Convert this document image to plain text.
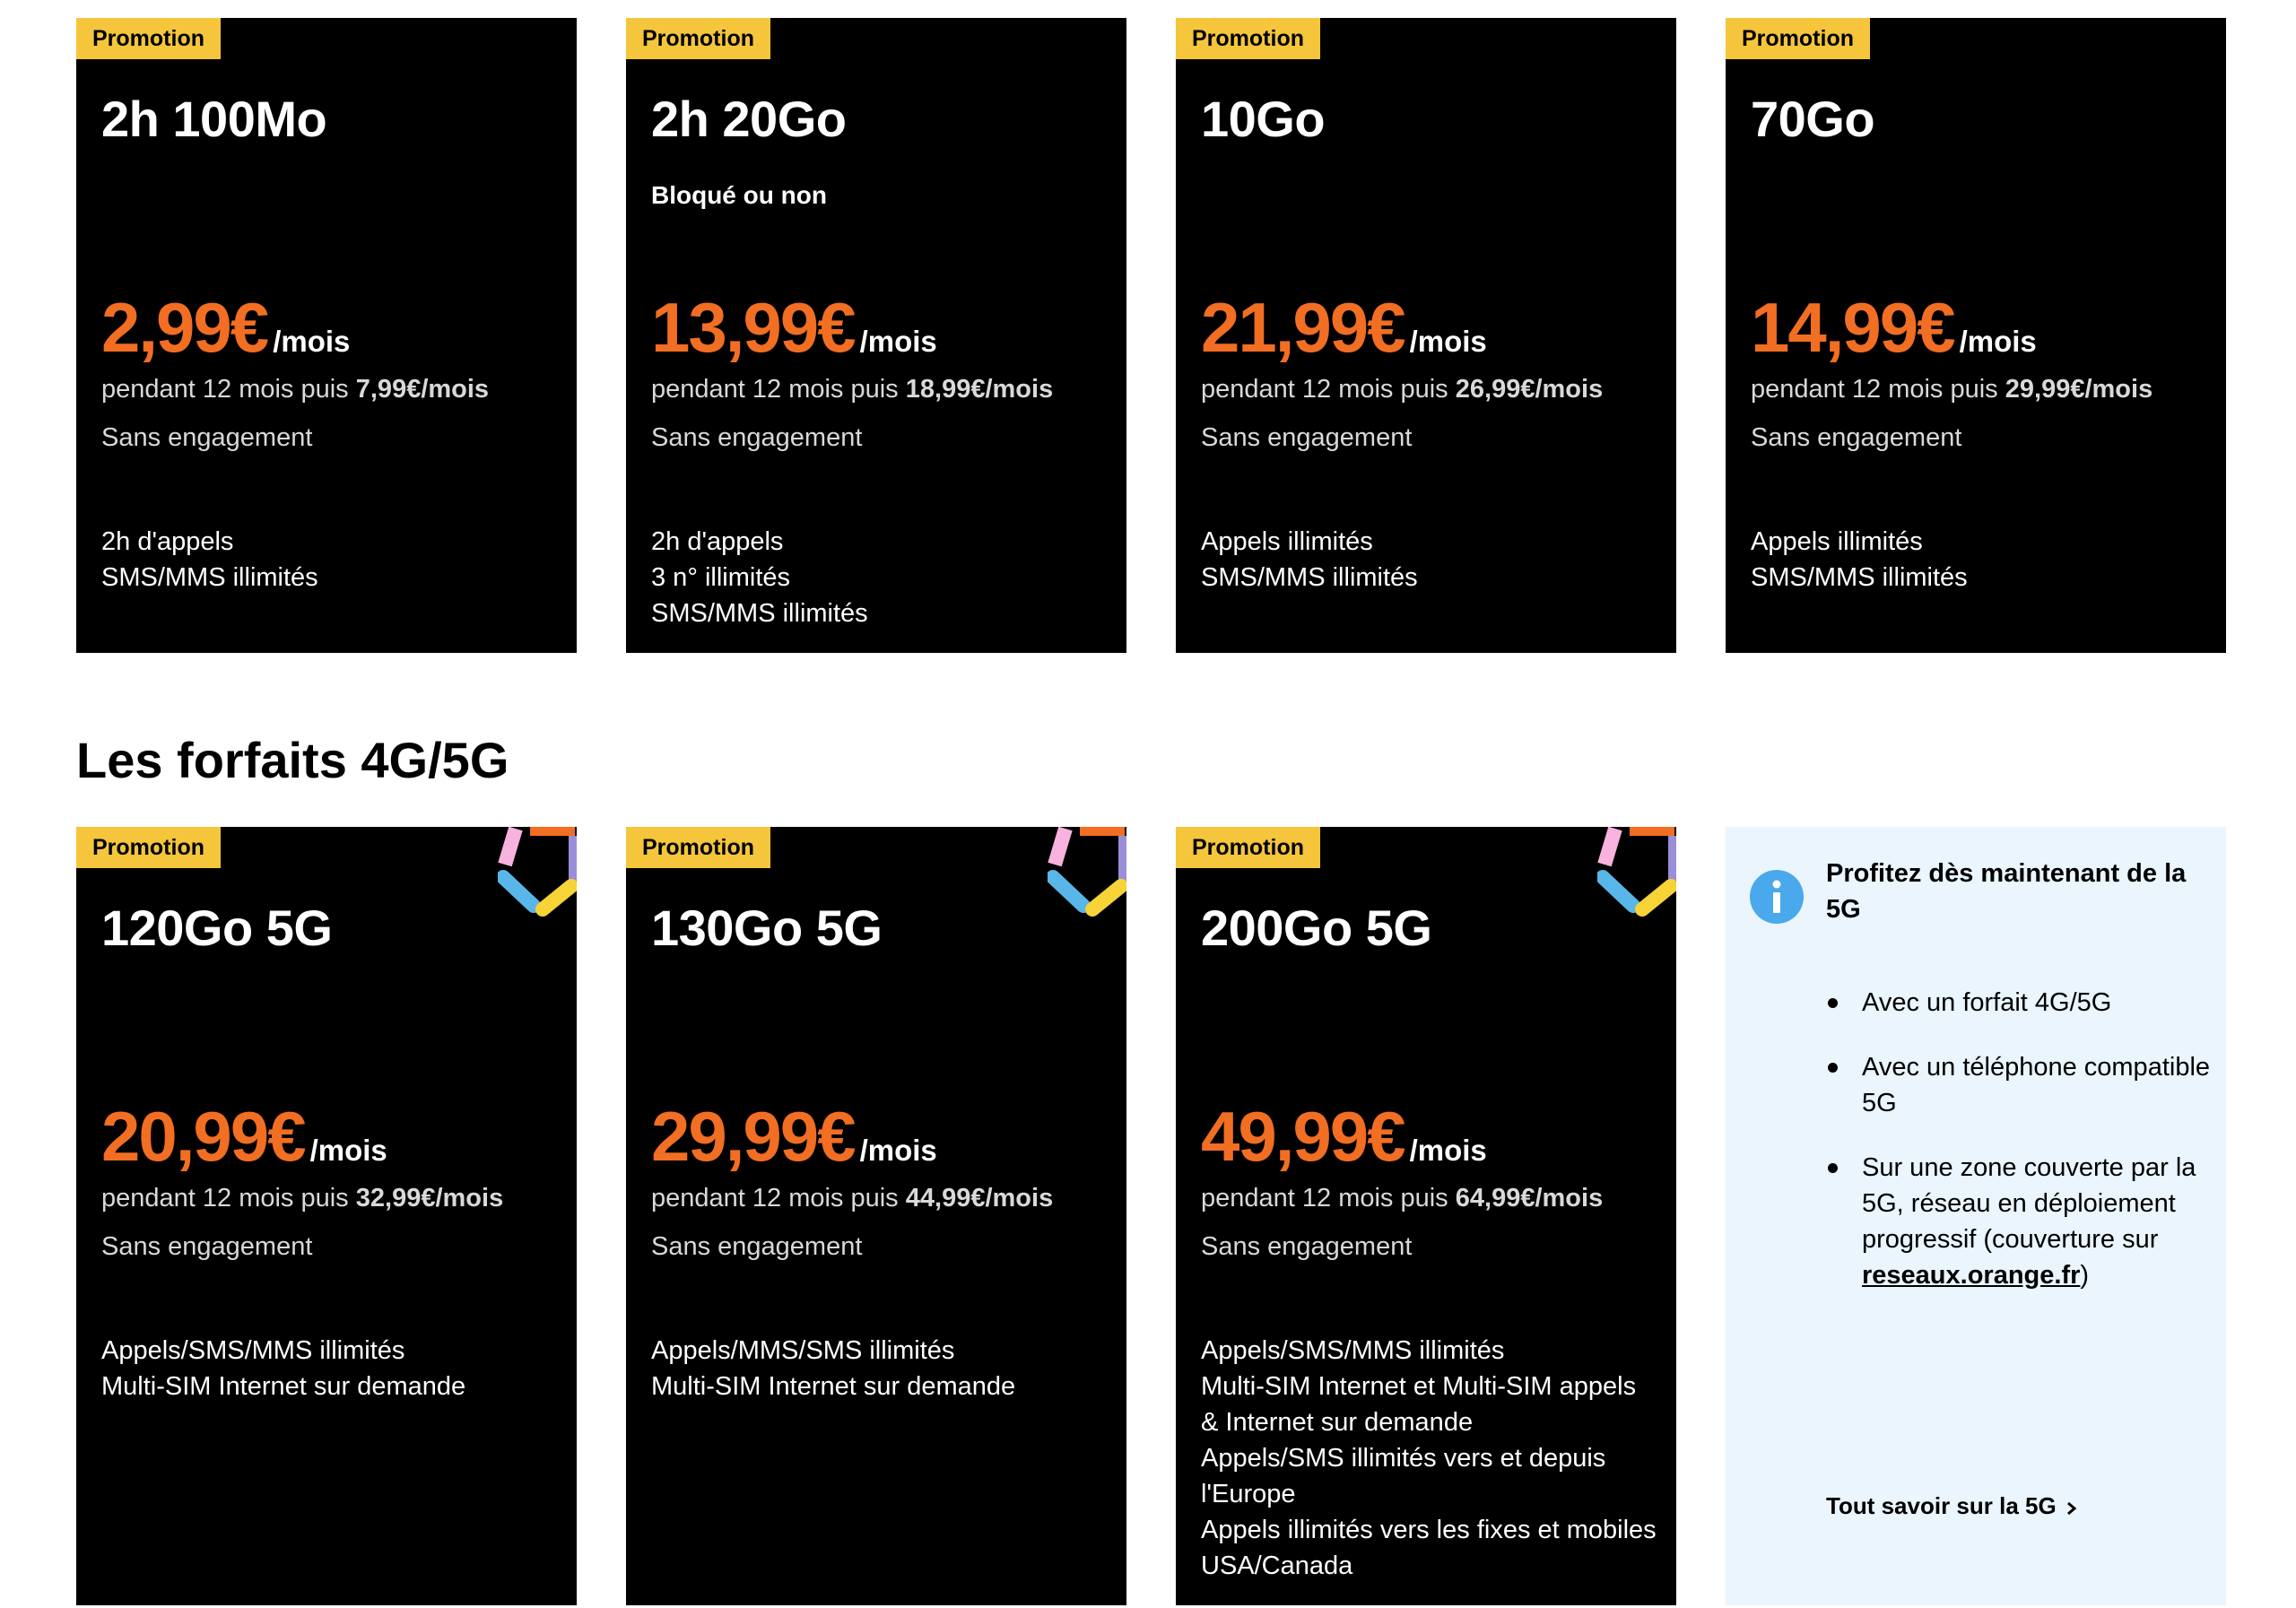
Promotion
2h 100Mo
2,99€ /mois
pendant 12 mois puis 7,99€/mois
Sans engagement
2h d'appels
SMS/MMS illimités
Promotion
2h 20Go
Bloqué ou non
13,99€ /mois
pendant 12 mois puis 18,99€/mois
Sans engagement
2h d'appels
3 n° illimités
SMS/MMS illimités
Promotion
10Go
21,99€ /mois
pendant 12 mois puis 26,99€/mois
Sans engagement
Appels illimités
SMS/MMS illimités
Promotion
70Go
14,99€ /mois
pendant 12 mois puis 29,99€/mois
Sans engagement
Appels illimités
SMS/MMS illimités
Les forfaits 4G/5G
Promotion
120Go 5G
20,99€ /mois
pendant 12 mois puis 32,99€/mois
Sans engagement
Appels/SMS/MMS illimités
Multi-SIM Internet sur demande
Promotion
130Go 5G
29,99€ /mois
pendant 12 mois puis 44,99€/mois
Sans engagement
Appels/MMS/SMS illimités
Multi-SIM Internet sur demande
Promotion
200Go 5G
49,99€ /mois
pendant 12 mois puis 64,99€/mois
Sans engagement
Appels/SMS/MMS illimités
Multi-SIM Internet et Multi-SIM appels & Internet sur demande
Appels/SMS illimités vers et depuis l'Europe
Appels illimités vers les fixes et mobiles USA/Canada
Profitez dès maintenant de la 5G
Avec un forfait 4G/5G
Avec un téléphone compatible 5G
Sur une zone couverte par la 5G, réseau en déploiement progressif (couverture sur reseaux.orange.fr)
Tout savoir sur la 5G
